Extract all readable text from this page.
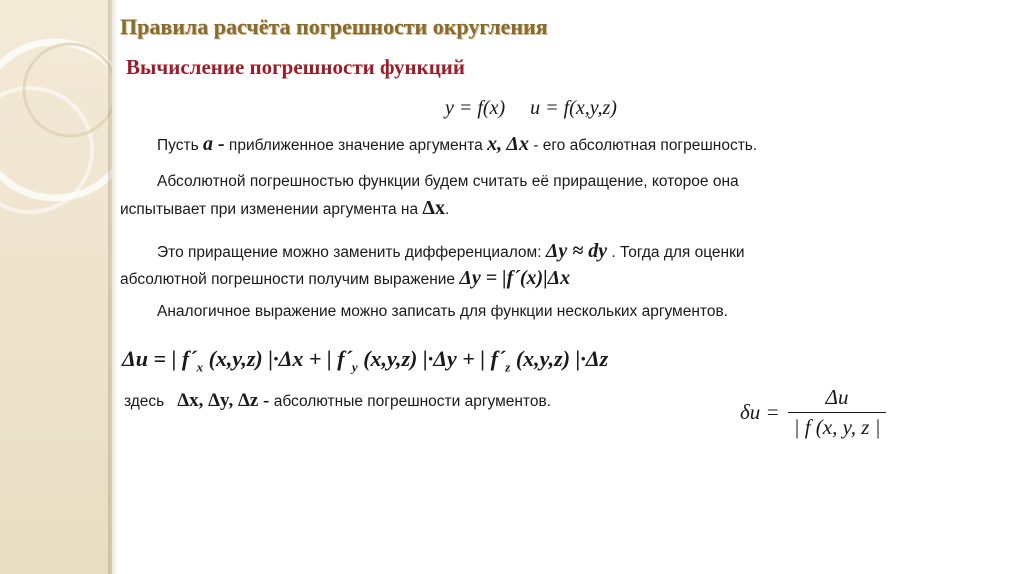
Правила расчёта погрешности округления
Вычисление погрешности функций
y = f(x)     u = f(x,y,z)
Пусть a - приближенное значение аргумента x, Δx - его абсолютная погрешность.
Абсолютной погрешностью функции будем считать её приращение, которое она
испытывает при изменении аргумента на Δx.
Это приращение можно заменить дифференциалом: Δy ≈ dy . Тогда для оценки
абсолютной погрешности получим выражение Δy = |f´(x)|Δx
Аналогичное выражение можно записать для функции нескольких аргументов.
Δu = | $f´_x$ (x,y,z) |·Δx + | $f´_y$ (x,y,z) |·Δy + | $f´_z$ (x,y,z) |·Δz
здесь   Δx, Δy, Δz - абсолютные погрешности аргументов.	$\delta u = \frac{\Delta u}{| f (x, y, z |}$
